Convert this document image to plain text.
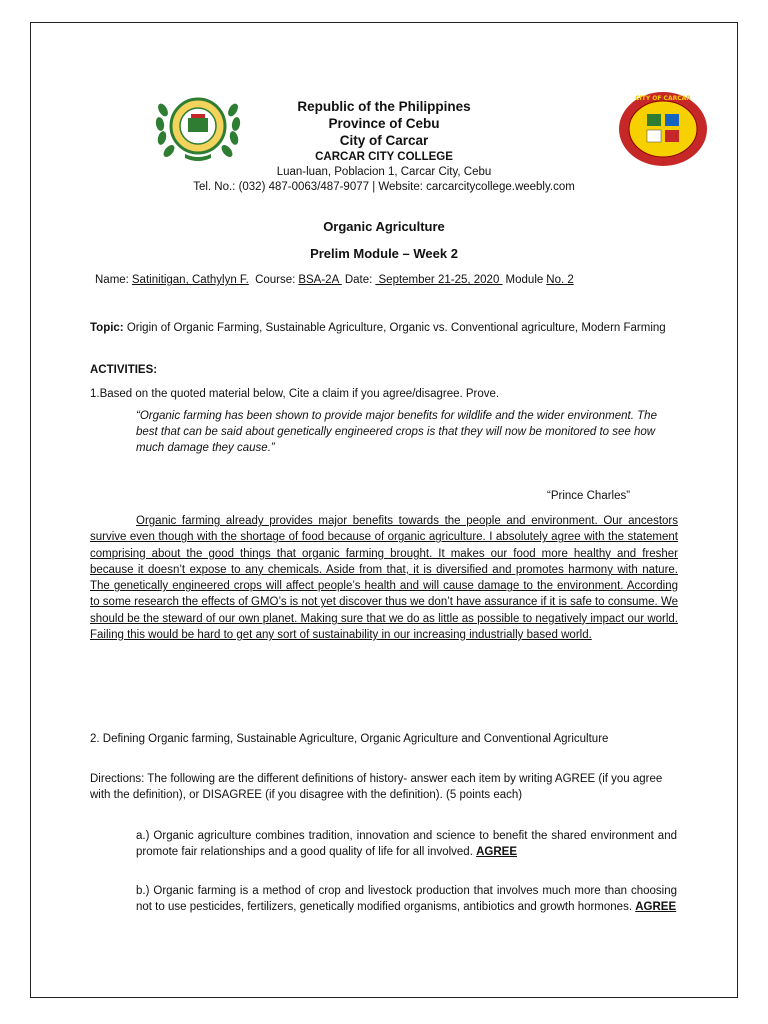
CITY OF CARCAR
Republic of the Philippines
Province of Cebu
City of Carcar
CARCAR CITY COLLEGE
Luan-luan, Poblacion 1, Carcar City, Cebu
Tel. No.: (032) 487-0063/487-9077 | Website: carcarcitycollege.weebly.com
Organic Agriculture
Prelim Module – Week 2
Name: Satinitigan, Cathylyn F. Course: BSA-2A Date: September 21-25, 2020 Module No. 2
Topic: Origin of Organic Farming, Sustainable Agriculture, Organic vs. Conventional agriculture, Modern Farming
ACTIVITIES:
1.Based on the quoted material below, Cite a claim if you agree/disagree. Prove.
“Organic farming has been shown to provide major benefits for wildlife and the wider environment. The best that can be said about genetically engineered crops is that they will now be monitored to see how much damage they cause.”
“Prince Charles”
Organic farming already provides major benefits towards the people and environment. Our ancestors survive even though with the shortage of food because of organic agriculture. I absolutely agree with the statement comprising about the good things that organic farming brought. It makes our food more healthy and fresher because it doesn’t expose to any chemicals. Aside from that, it is diversified and promotes harmony with nature. The genetically engineered crops will affect people’s health and will cause damage to the environment. According to some research the effects of GMO’s is not yet discover thus we don’t have assurance if it is safe to consume. We should be the steward of our own planet. Making sure that we do as little as possible to negatively impact our world. Failing this would be hard to get any sort of sustainability in our increasing industrially based world.
2. Defining Organic farming, Sustainable Agriculture, Organic Agriculture and Conventional Agriculture
Directions: The following are the different definitions of history- answer each item by writing AGREE (if you agree with the definition), or DISAGREE (if you disagree with the definition). (5 points each)
a.) Organic agriculture combines tradition, innovation and science to benefit the shared environment and promote fair relationships and a good quality of life for all involved. AGREE
b.) Organic farming is a method of crop and livestock production that involves much more than choosing not to use pesticides, fertilizers, genetically modified organisms, antibiotics and growth hormones. AGREE
